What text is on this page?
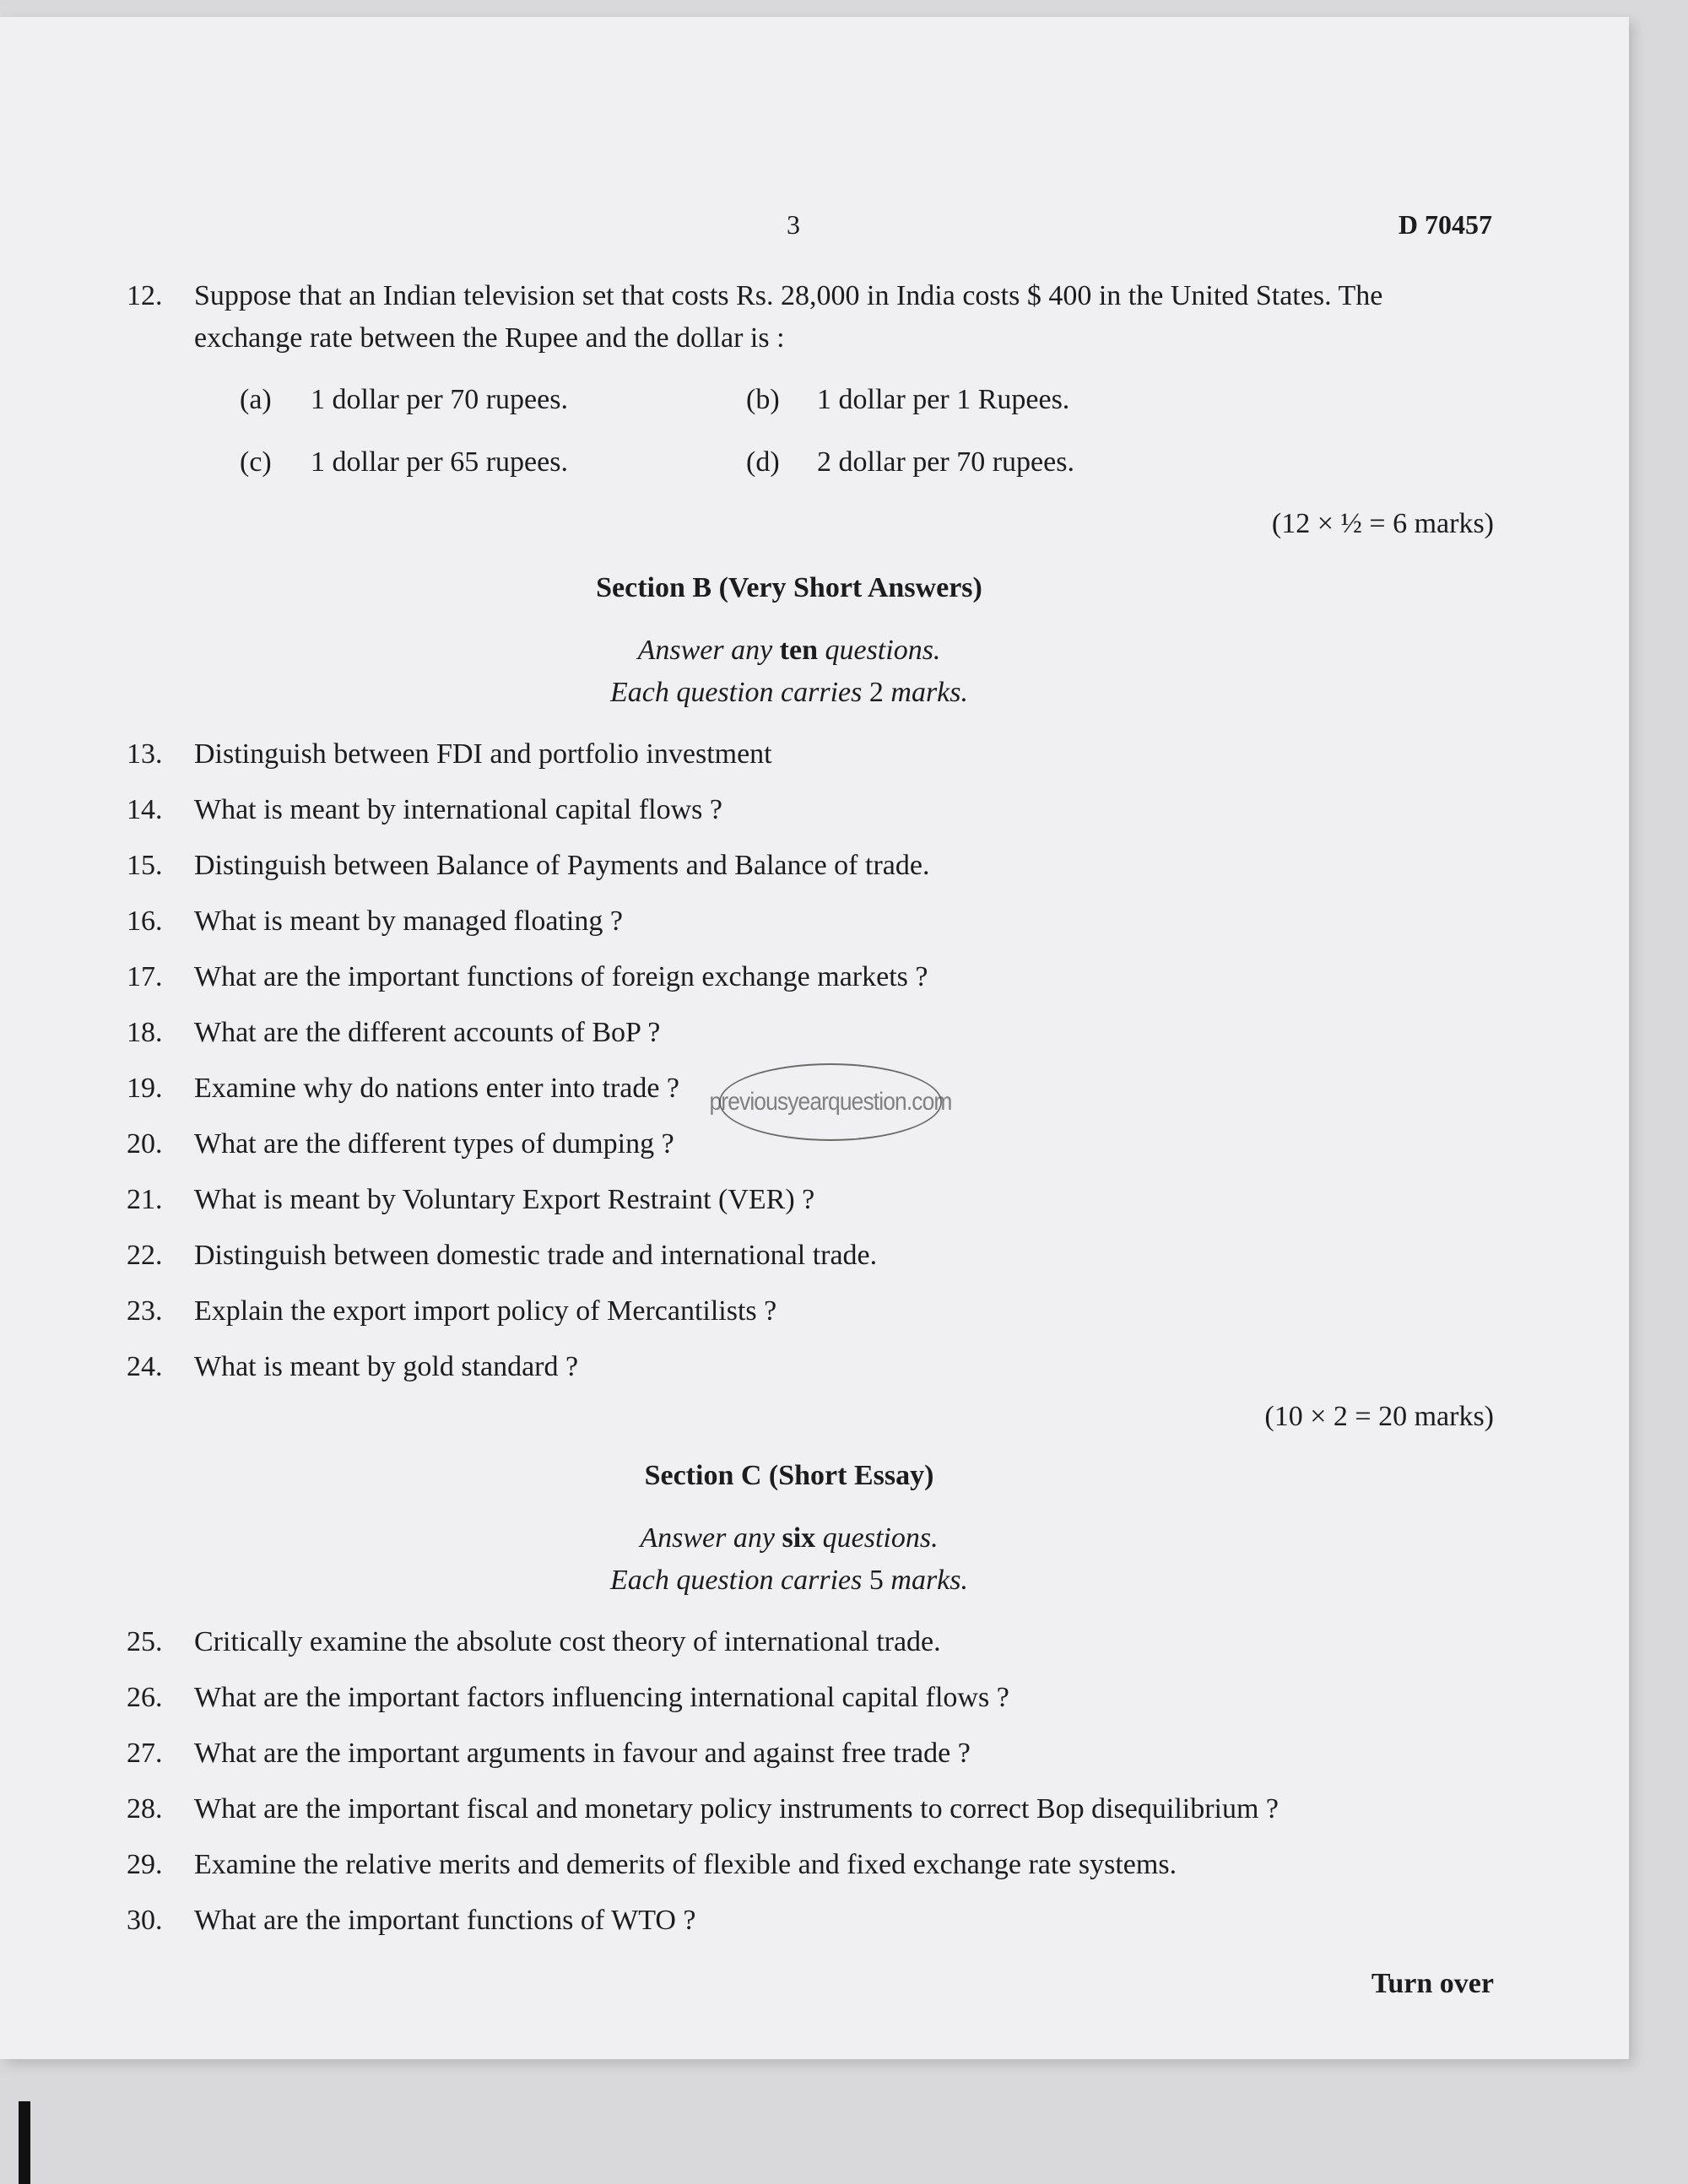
3	D 70457
12.	Suppose that an Indian television set that costs Rs. 28,000 in India costs $ 400 in the United States. The exchange rate between the Rupee and the dollar is :
(a)	1 dollar per 70 rupees.	(b)	1 dollar per 1 Rupees.
(c)	1 dollar per 65 rupees.	(d)	2 dollar per 70 rupees.
(12 × ½ = 6 marks)
Section B (Very Short Answers)
Answer any ten questions.
Each question carries 2 marks.
13.	Distinguish between FDI and portfolio investment
14.	What is meant by international capital flows ?
15.	Distinguish between Balance of Payments and Balance of trade.
16.	What is meant by managed floating ?
17.	What are the important functions of foreign exchange markets ?
18.	What are the different accounts of BoP ?
19.	Examine why do nations enter into trade ?
20.	What are the different types of dumping ?
21.	What is meant by Voluntary Export Restraint (VER) ?
22.	Distinguish between domestic trade and international trade.
23.	Explain the export import policy of Mercantilists ?
24.	What is meant by gold standard ?
(10 × 2 = 20 marks)
Section C (Short Essay)
Answer any six questions.
Each question carries 5 marks.
25.	Critically examine the absolute cost theory of international trade.
26.	What are the important factors influencing international capital flows ?
27.	What are the important arguments in favour and against free trade ?
28.	What are the important fiscal and monetary policy instruments to correct Bop disequilibrium ?
29.	Examine the relative merits and demerits of flexible and fixed exchange rate systems.
30.	What are the important functions of WTO ?
Turn over
previousyearquestion.com
